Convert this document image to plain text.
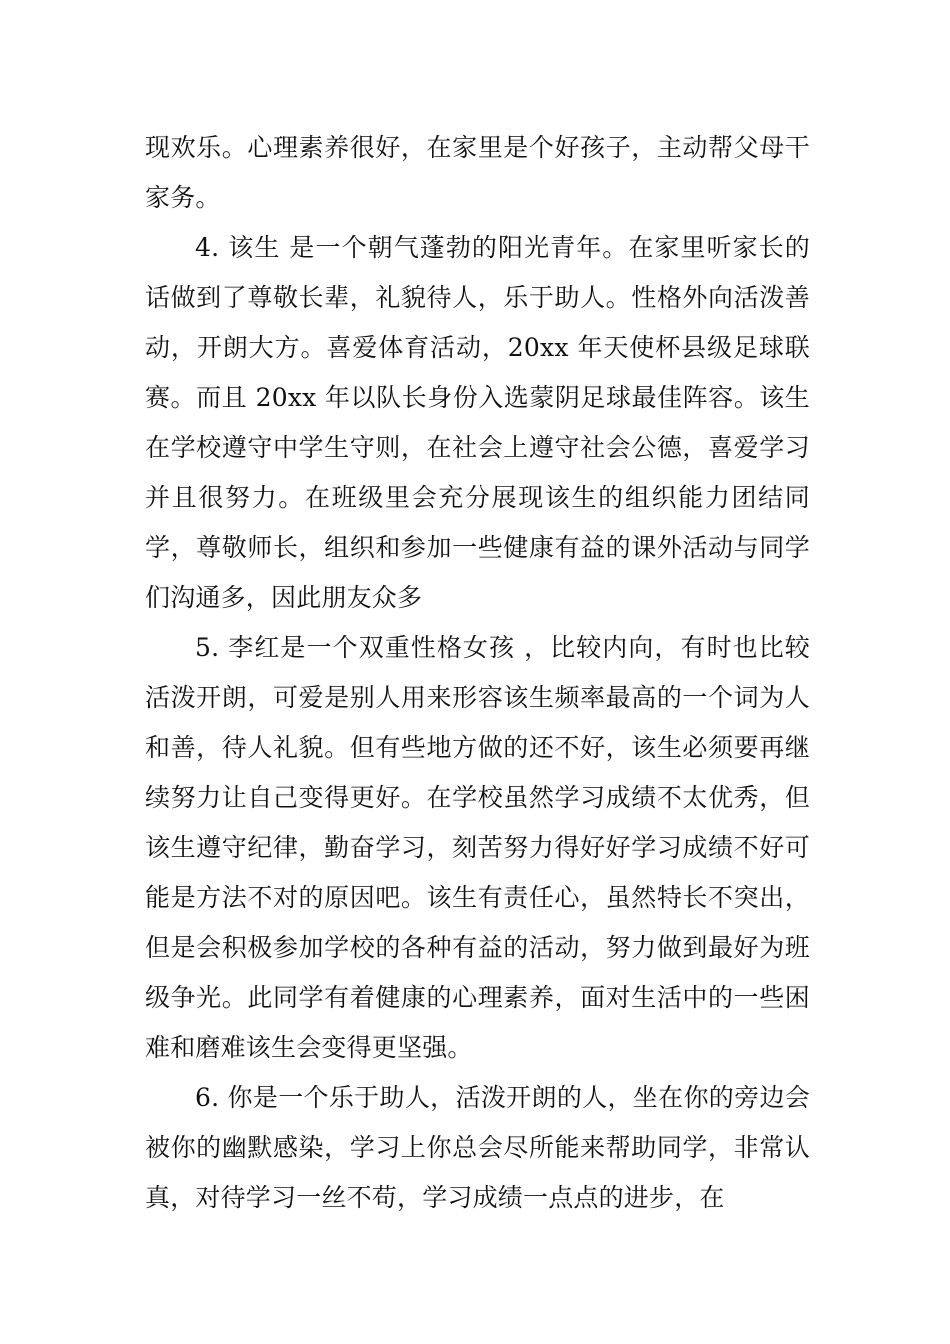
现欢乐。心理素养很好，在家里是个好孩子，主动帮父母干家务。

4. 该生 是一个朝气蓬勃的阳光青年。在家里听家长的话做到了尊敬长辈，礼貌待人，乐于助人。性格外向活泼善动，开朗大方。喜爱体育活动，20xx 年天使杯县级足球联赛。而且 20xx 年以队长身份入选蒙阴足球最佳阵容。该生在学校遵守中学生守则，在社会上遵守社会公德，喜爱学习并且很努力。在班级里会充分展现该生的组织能力团结同学，尊敬师长，组织和参加一些健康有益的课外活动与同学们沟通多，因此朋友众多

5. 李红是一个双重性格女孩 ，比较内向，有时也比较活泼开朗，可爱是别人用来形容该生频率最高的一个词为人和善，待人礼貌。但有些地方做的还不好，该生必须要再继续努力让自己变得更好。在学校虽然学习成绩不太优秀，但该生遵守纪律，勤奋学习，刻苦努力得好好学习成绩不好可能是方法不对的原因吧。该生有责任心，虽然特长不突出，但是会积极参加学校的各种有益的活动，努力做到最好为班级争光。此同学有着健康的心理素养，面对生活中的一些困难和磨难该生会变得更坚强。

6. 你是一个乐于助人，活泼开朗的人，坐在你的旁边会被你的幽默感染，学习上你总会尽所能来帮助同学，非常认真，对待学习一丝不苟，学习成绩一点点的进步，在
